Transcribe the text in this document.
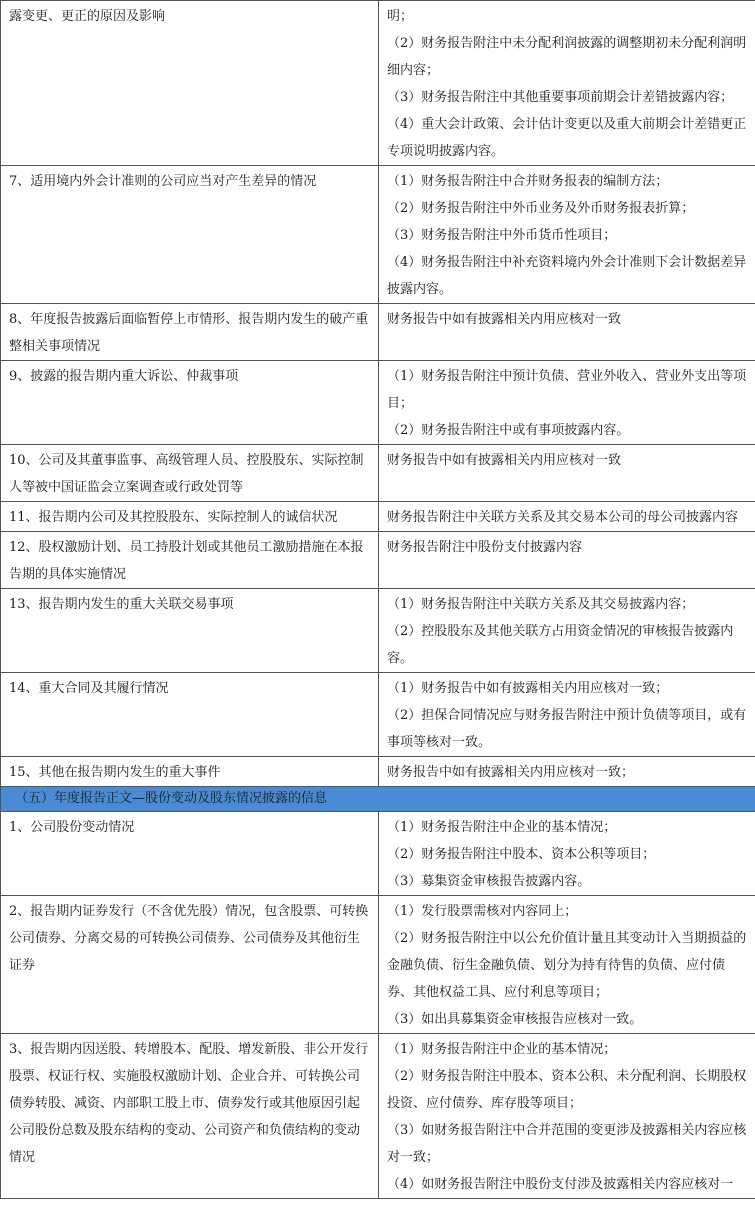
露变更、更正的原因及影响	明；

（2）财务报告附注中未分配利润披露的调整期初未分配利润明细内容；

（3）财务报告附注中其他重要事项前期会计差错披露内容；

（4）重大会计政策、会计估计变更以及重大前期会计差错更正专项说明披露内容。

7、适用境内外会计准则的公司应当对产生差异的情况	（1）财务报告附注中合并财务报表的编制方法；

（2）财务报告附注中外币业务及外币财务报表折算；

（3）财务报告附注中外币货币性项目；

（4）财务报告附注中补充资料境内外会计准则下会计数据差异披露内容。

8、年度报告披露后面临暂停上市情形、报告期内发生的破产重整相关事项情况	财务报告中如有披露相关内用应核对一致

9、披露的报告期内重大诉讼、仲裁事项	（1）财务报告附注中预计负债、营业外收入、营业外支出等项目；

（2）财务报告附注中或有事项披露内容。

10、公司及其董事监事、高级管理人员、控股股东、实际控制人等被中国证监会立案调查或行政处罚等	财务报告中如有披露相关内用应核对一致

11、报告期内公司及其控股股东、实际控制人的诚信状况	财务报告附注中关联方关系及其交易本公司的母公司披露内容

12、股权激励计划、员工持股计划或其他员工激励措施在本报告期的具体实施情况	财务报告附注中股份支付披露内容

13、报告期内发生的重大关联交易事项	（1）财务报告附注中关联方关系及其交易披露内容；

（2）控股股东及其他关联方占用资金情况的审核报告披露内容。

14、重大合同及其履行情况	（1）财务报告中如有披露相关内用应核对一致；

（2）担保合同情况应与财务报告附注中预计负债等项目，或有事项等核对一致。

15、其他在报告期内发生的重大事件	财务报告中如有披露相关内用应核对一致；

（五）年度报告正文—股份变动及股东情况披露的信息	

1、公司股份变动情况	（1）财务报告附注中企业的基本情况；

（2）财务报告附注中股本、资本公积等项目；

（3）募集资金审核报告披露内容。

2、报告期内证券发行（不含优先股）情况，包含股票、可转换公司债券、分离交易的可转换公司债券、公司债券及其他衍生证券	（1）发行股票需核对内容同上；

（2）财务报告附注中以公允价值计量且其变动计入当期损益的金融负债、衍生金融负债、划分为持有待售的负债、应付债券、其他权益工具、应付利息等项目；

（3）如出具募集资金审核报告应核对一致。

3、报告期内因送股、转增股本、配股、增发新股、非公开发行股票、权证行权、实施股权激励计划、企业合并、可转换公司债券转股、减资、内部职工股上市、债券发行或其他原因引起公司股份总数及股东结构的变动、公司资产和负债结构的变动情况	（1）财务报告附注中企业的基本情况；

（2）财务报告附注中股本、资本公积、未分配利润、长期股权投资、应付债券、库存股等项目；

（3）如财务报告附注中合并范围的变更涉及披露相关内容应核对一致；

（4）如财务报告附注中股份支付涉及披露相关内容应核对一
